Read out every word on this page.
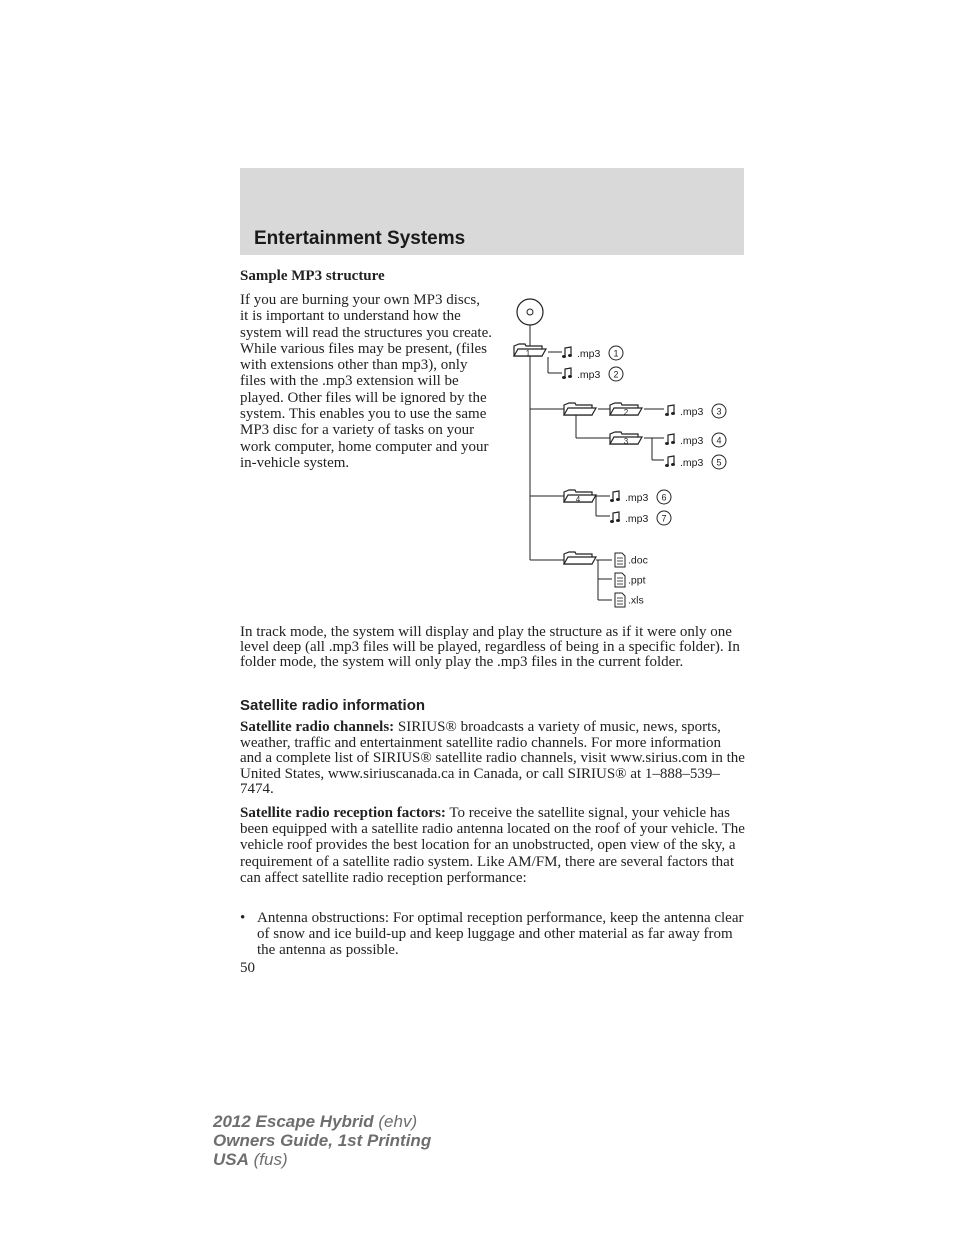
Entertainment Systems
Sample MP3 structure

If you are burning your own MP3 discs, it is important to understand how the system will read the structures you create. While various files may be present, (files with extensions other than mp3), only files with the .mp3 extension will be played. Other files will be ignored by the system. This enables you to use the same MP3 disc for a variety of tasks on your work computer, home computer and your in-vehicle system.

1
2
3
4
.mp3 1
.mp3 2
.mp3 3
.mp3 4
.mp3 5
.mp3 6
.mp3 7
.doc
.ppt
.xls

In track mode, the system will display and play the structure as if it were only one level deep (all .mp3 files will be played, regardless of being in a specific folder). In folder mode, the system will only play the .mp3 files in the current folder.

Satellite radio information

Satellite radio channels: SIRIUS® broadcasts a variety of music, news, sports, weather, traffic and entertainment satellite radio channels. For more information and a complete list of SIRIUS® satellite radio channels, visit www.sirius.com in the United States, www.siriuscanada.ca in Canada, or call SIRIUS® at 1–888–539–7474.

Satellite radio reception factors: To receive the satellite signal, your vehicle has been equipped with a satellite radio antenna located on the roof of your vehicle. The vehicle roof provides the best location for an unobstructed, open view of the sky, a requirement of a satellite radio system. Like AM/FM, there are several factors that can affect satellite radio reception performance:

• Antenna obstructions: For optimal reception performance, keep the antenna clear of snow and ice build-up and keep luggage and other material as far away from the antenna as possible.
50
2012 Escape Hybrid (ehv)
Owners Guide, 1st Printing
USA (fus)
